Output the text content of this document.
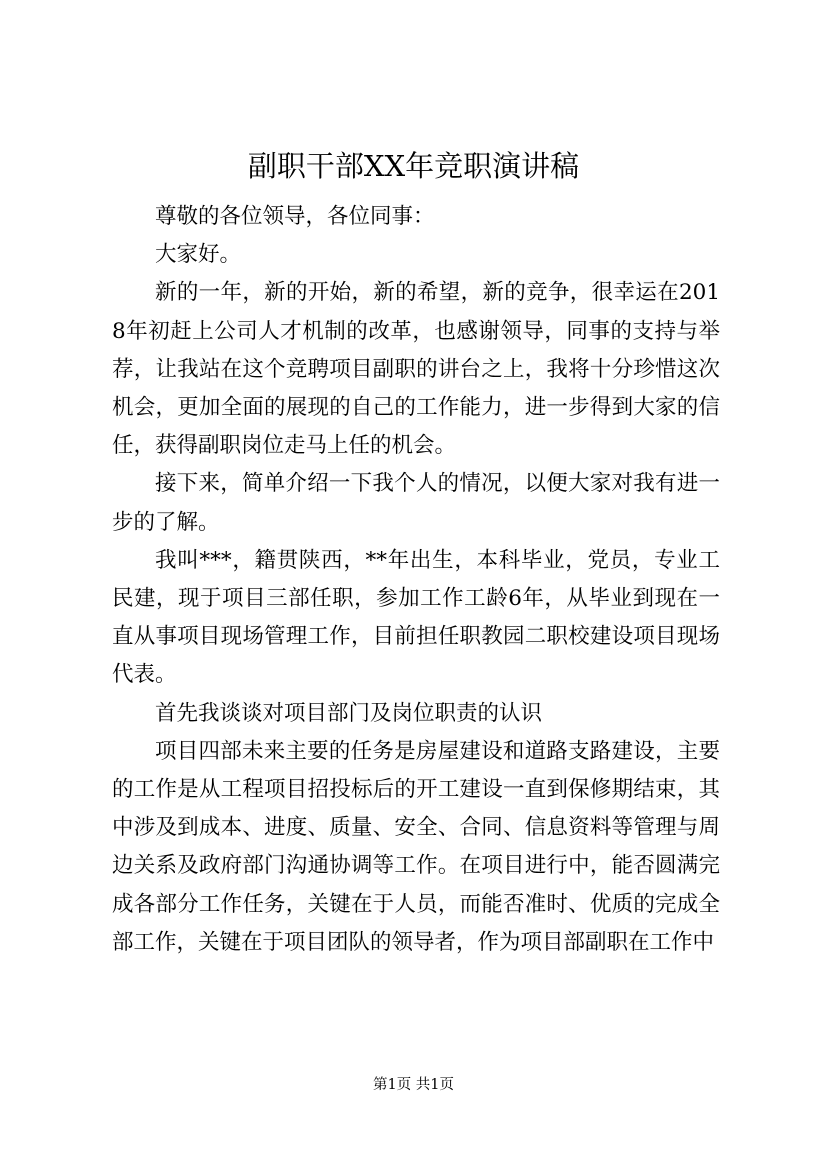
副职干部XX年竞职演讲稿

尊敬的各位领导，各位同事：

大家好。

新的一年，新的开始，新的希望，新的竞争，很幸运在2018年初赶上公司人才机制的改革，也感谢领导，同事的支持与举荐，让我站在这个竞聘项目副职的讲台之上，我将十分珍惜这次机会，更加全面的展现的自己的工作能力，进一步得到大家的信任，获得副职岗位走马上任的机会。

接下来，简单介绍一下我个人的情况，以便大家对我有进一步的了解。

我叫***，籍贯陕西，**年出生，本科毕业，党员，专业工民建，现于项目三部任职，参加工作工龄6年，从毕业到现在一直从事项目现场管理工作，目前担任职教园二职校建设项目现场代表。

首先我谈谈对项目部门及岗位职责的认识

项目四部未来主要的任务是房屋建设和道路支路建设，主要的工作是从工程项目招投标后的开工建设一直到保修期结束，其中涉及到成本、进度、质量、安全、合同、信息资料等管理与周边关系及政府部门沟通协调等工作。在项目进行中，能否圆满完成各部分工作任务，关键在于人员，而能否准时、优质的完成全部工作，关键在于项目团队的领导者，作为项目部副职在工作中

第1页 共1页
